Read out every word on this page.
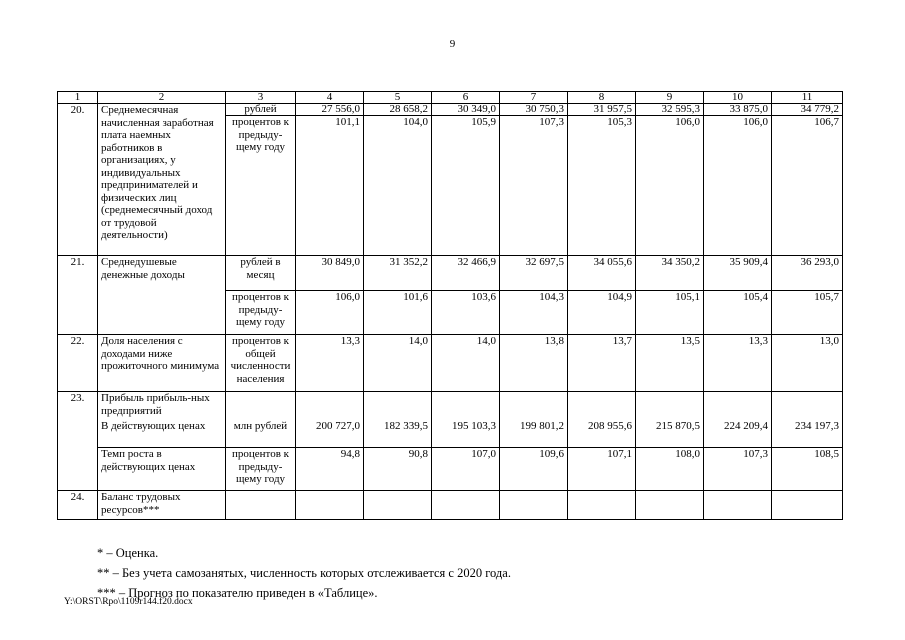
9
1	2	3	4	5	6	7	8	9	10	11
20.	Среднемесячная начисленная заработная плата наемных работников в организациях, у индивидуальных предпринимателей и физических лиц (среднемесячный доход от трудовой деятельности)	рублей	27 556,0	28 658,2	30 349,0	30 750,3	31 957,5	32 595,3	33 875,0	34 779,2
		процентов к предыду-щему году	101,1	104,0	105,9	107,3	105,3	106,0	106,0	106,7
21.	Среднедушевые денежные доходы	рублей в месяц	30 849,0	31 352,2	32 466,9	32 697,5	34 055,6	34 350,2	35 909,4	36 293,0
		процентов к предыду-щему году	106,0	101,6	103,6	104,3	104,9	105,1	105,4	105,7
22.	Доля населения с доходами ниже прожиточного минимума	процентов к общей численности населения	13,3	14,0	14,0	13,8	13,7	13,5	13,3	13,0
23.	Прибыль прибыль-ных предприятий									
	В действующих ценах	млн рублей	200 727,0	182 339,5	195 103,3	199 801,2	208 955,6	215 870,5	224 209,4	234 197,3
	Темп роста в действующих ценах	процентов к предыду-щему году	94,8	90,8	107,0	109,6	107,1	108,0	107,3	108,5
24.	Баланс трудовых ресурсов***									
* – Оценка.
** – Без учета самозанятых, численность которых отслеживается с 2020 года.
*** – Прогноз по показателю приведен в «Таблице».
Y:\ORST\Rpo\1109r144.f20.docx
